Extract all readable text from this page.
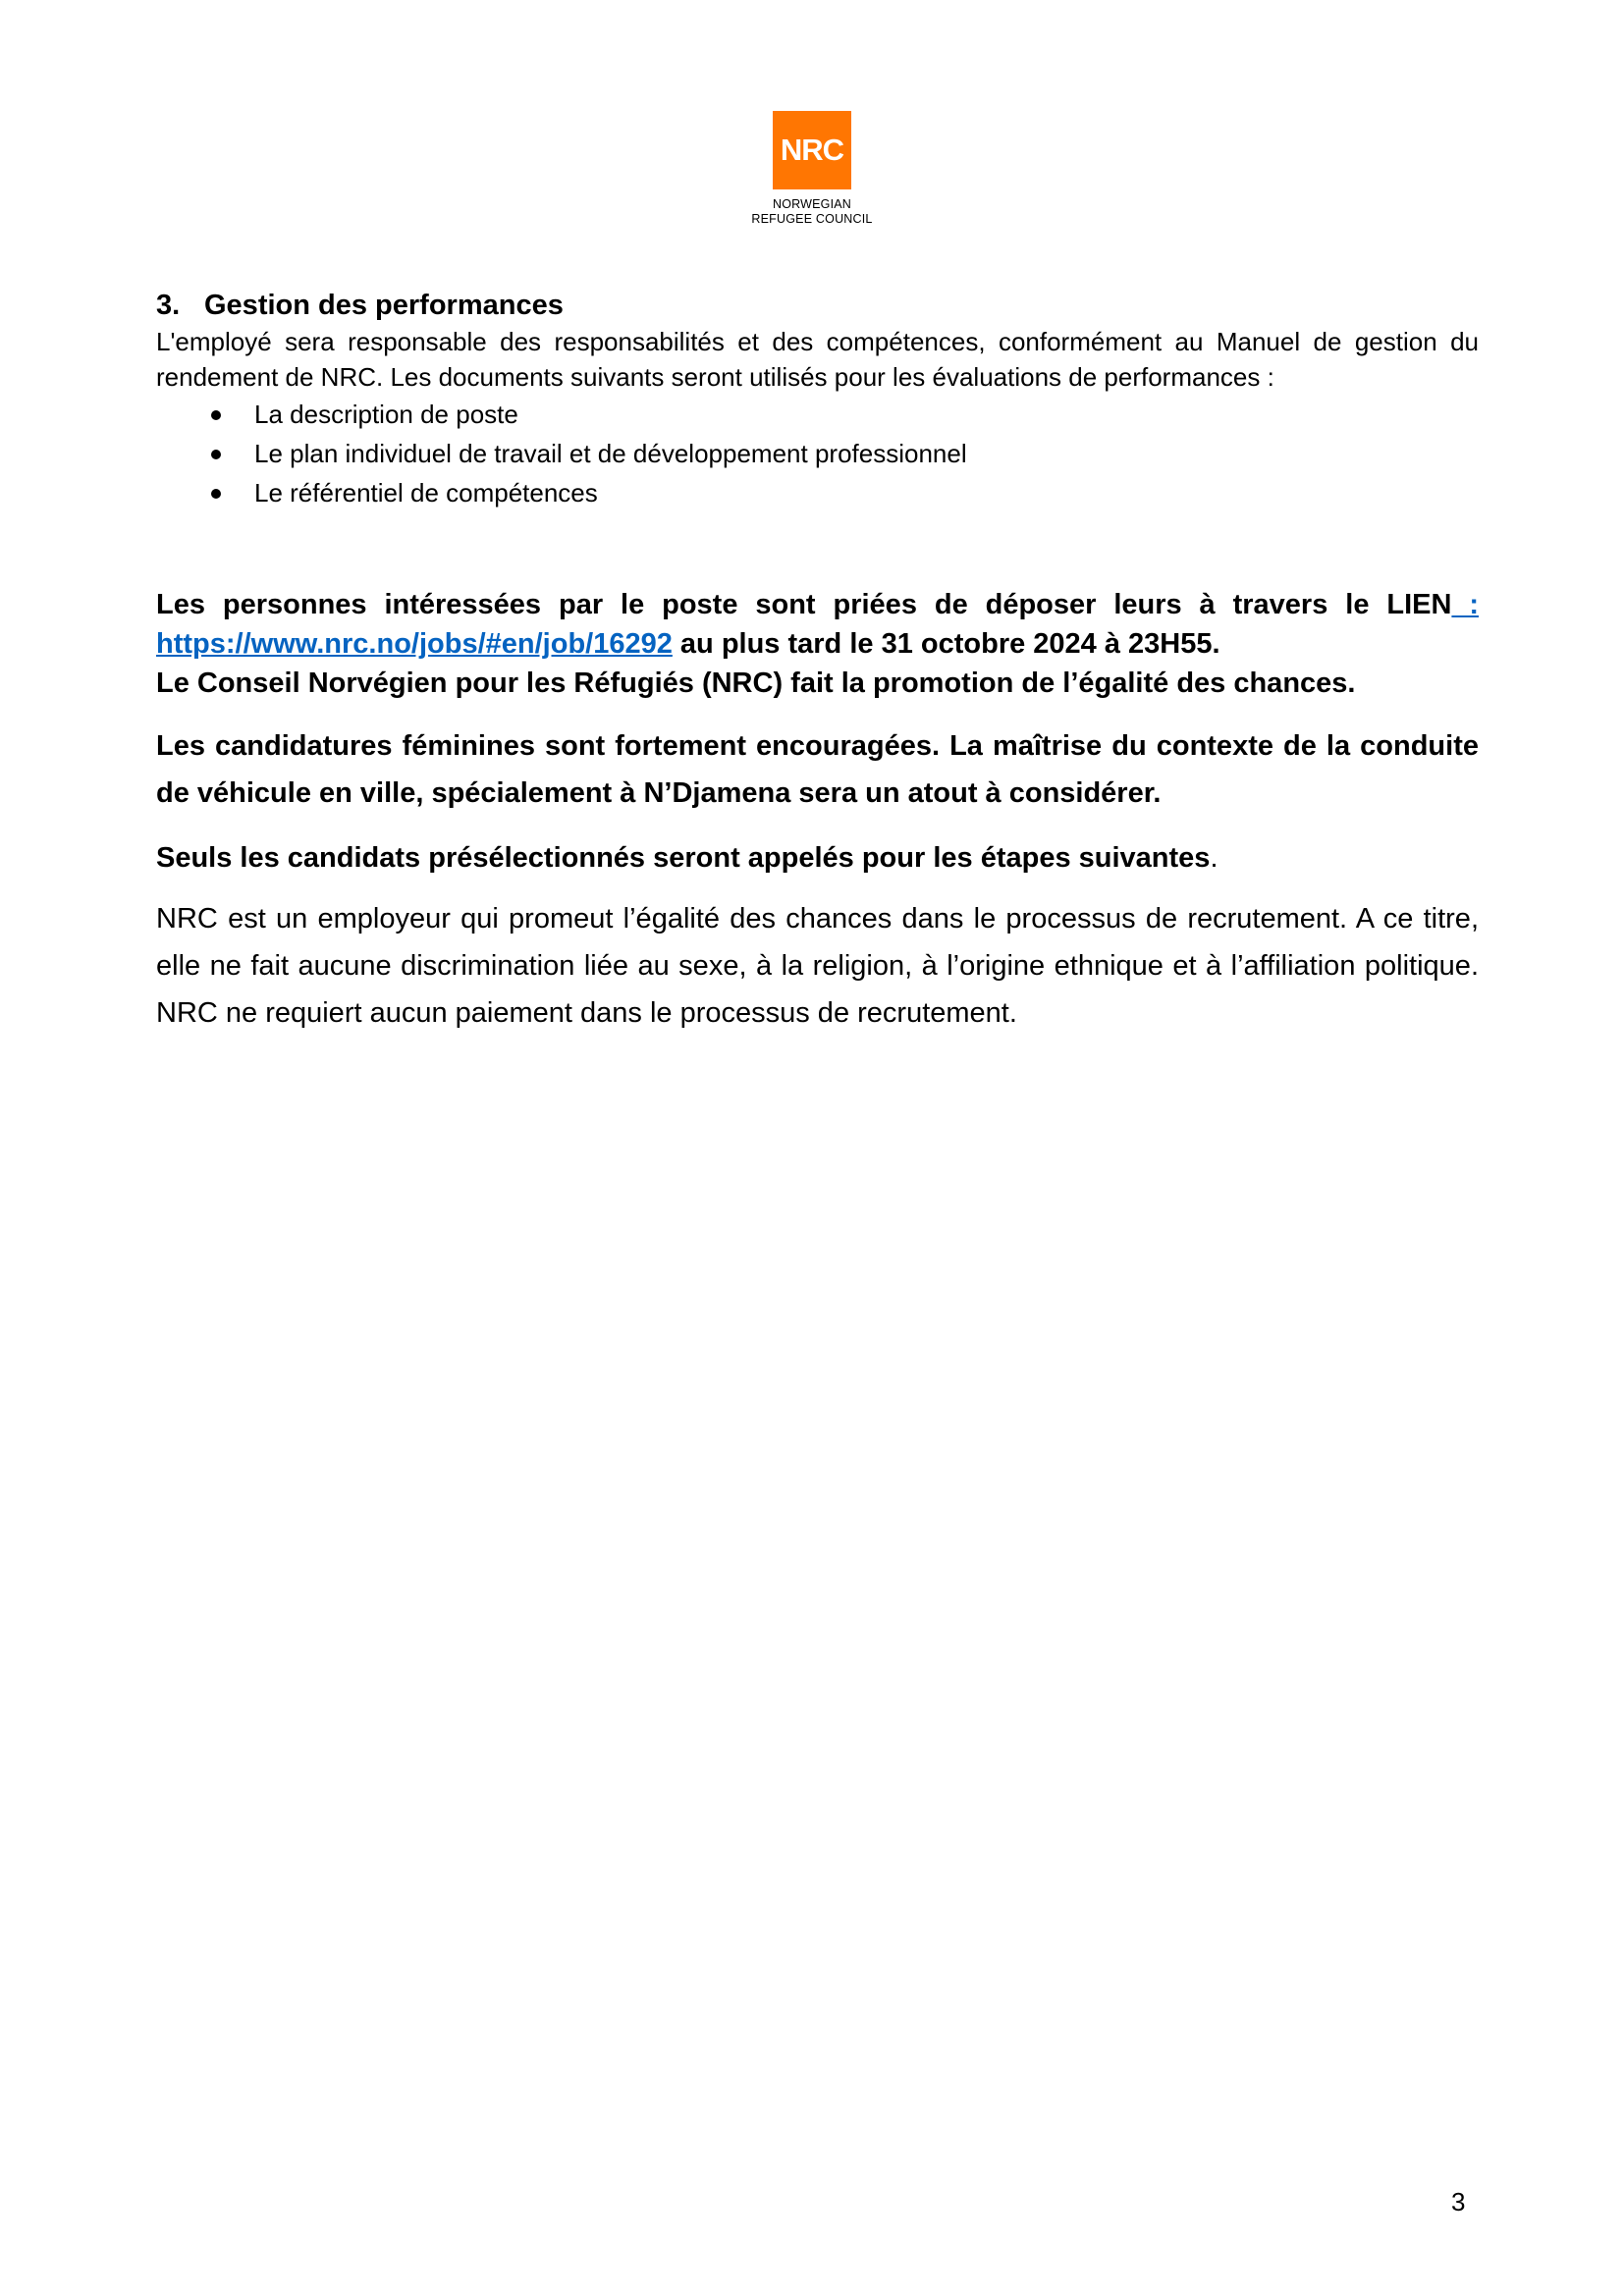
NRC
NORWEGIAN
REFUGEE COUNCIL
3. Gestion des performances

L'employé sera responsable des responsabilités et des compétences, conformément au Manuel de gestion du rendement de NRC. Les documents suivants seront utilisés pour les évaluations de performances :

La description de poste
Le plan individuel de travail et de développement professionnel
Le référentiel de compétences

Les personnes intéressées par le poste sont priées de déposer leurs à travers le LIEN :

https://www.nrc.no/jobs/#en/job/16292 au plus tard le 31 octobre 2024 à 23H55.

Le Conseil Norvégien pour les Réfugiés (NRC) fait la promotion de l’égalité des chances.

Les candidatures féminines sont fortement encouragées. La maîtrise du contexte de la conduite de véhicule en ville, spécialement à N’Djamena sera un atout à considérer.

Seuls les candidats présélectionnés seront appelés pour les étapes suivantes.

NRC est un employeur qui promeut l’égalité des chances dans le processus de recrutement. A ce titre, elle ne fait aucune discrimination liée au sexe, à la religion, à l’origine ethnique et à l’affiliation politique. NRC ne requiert aucun paiement dans le processus de recrutement.

3
